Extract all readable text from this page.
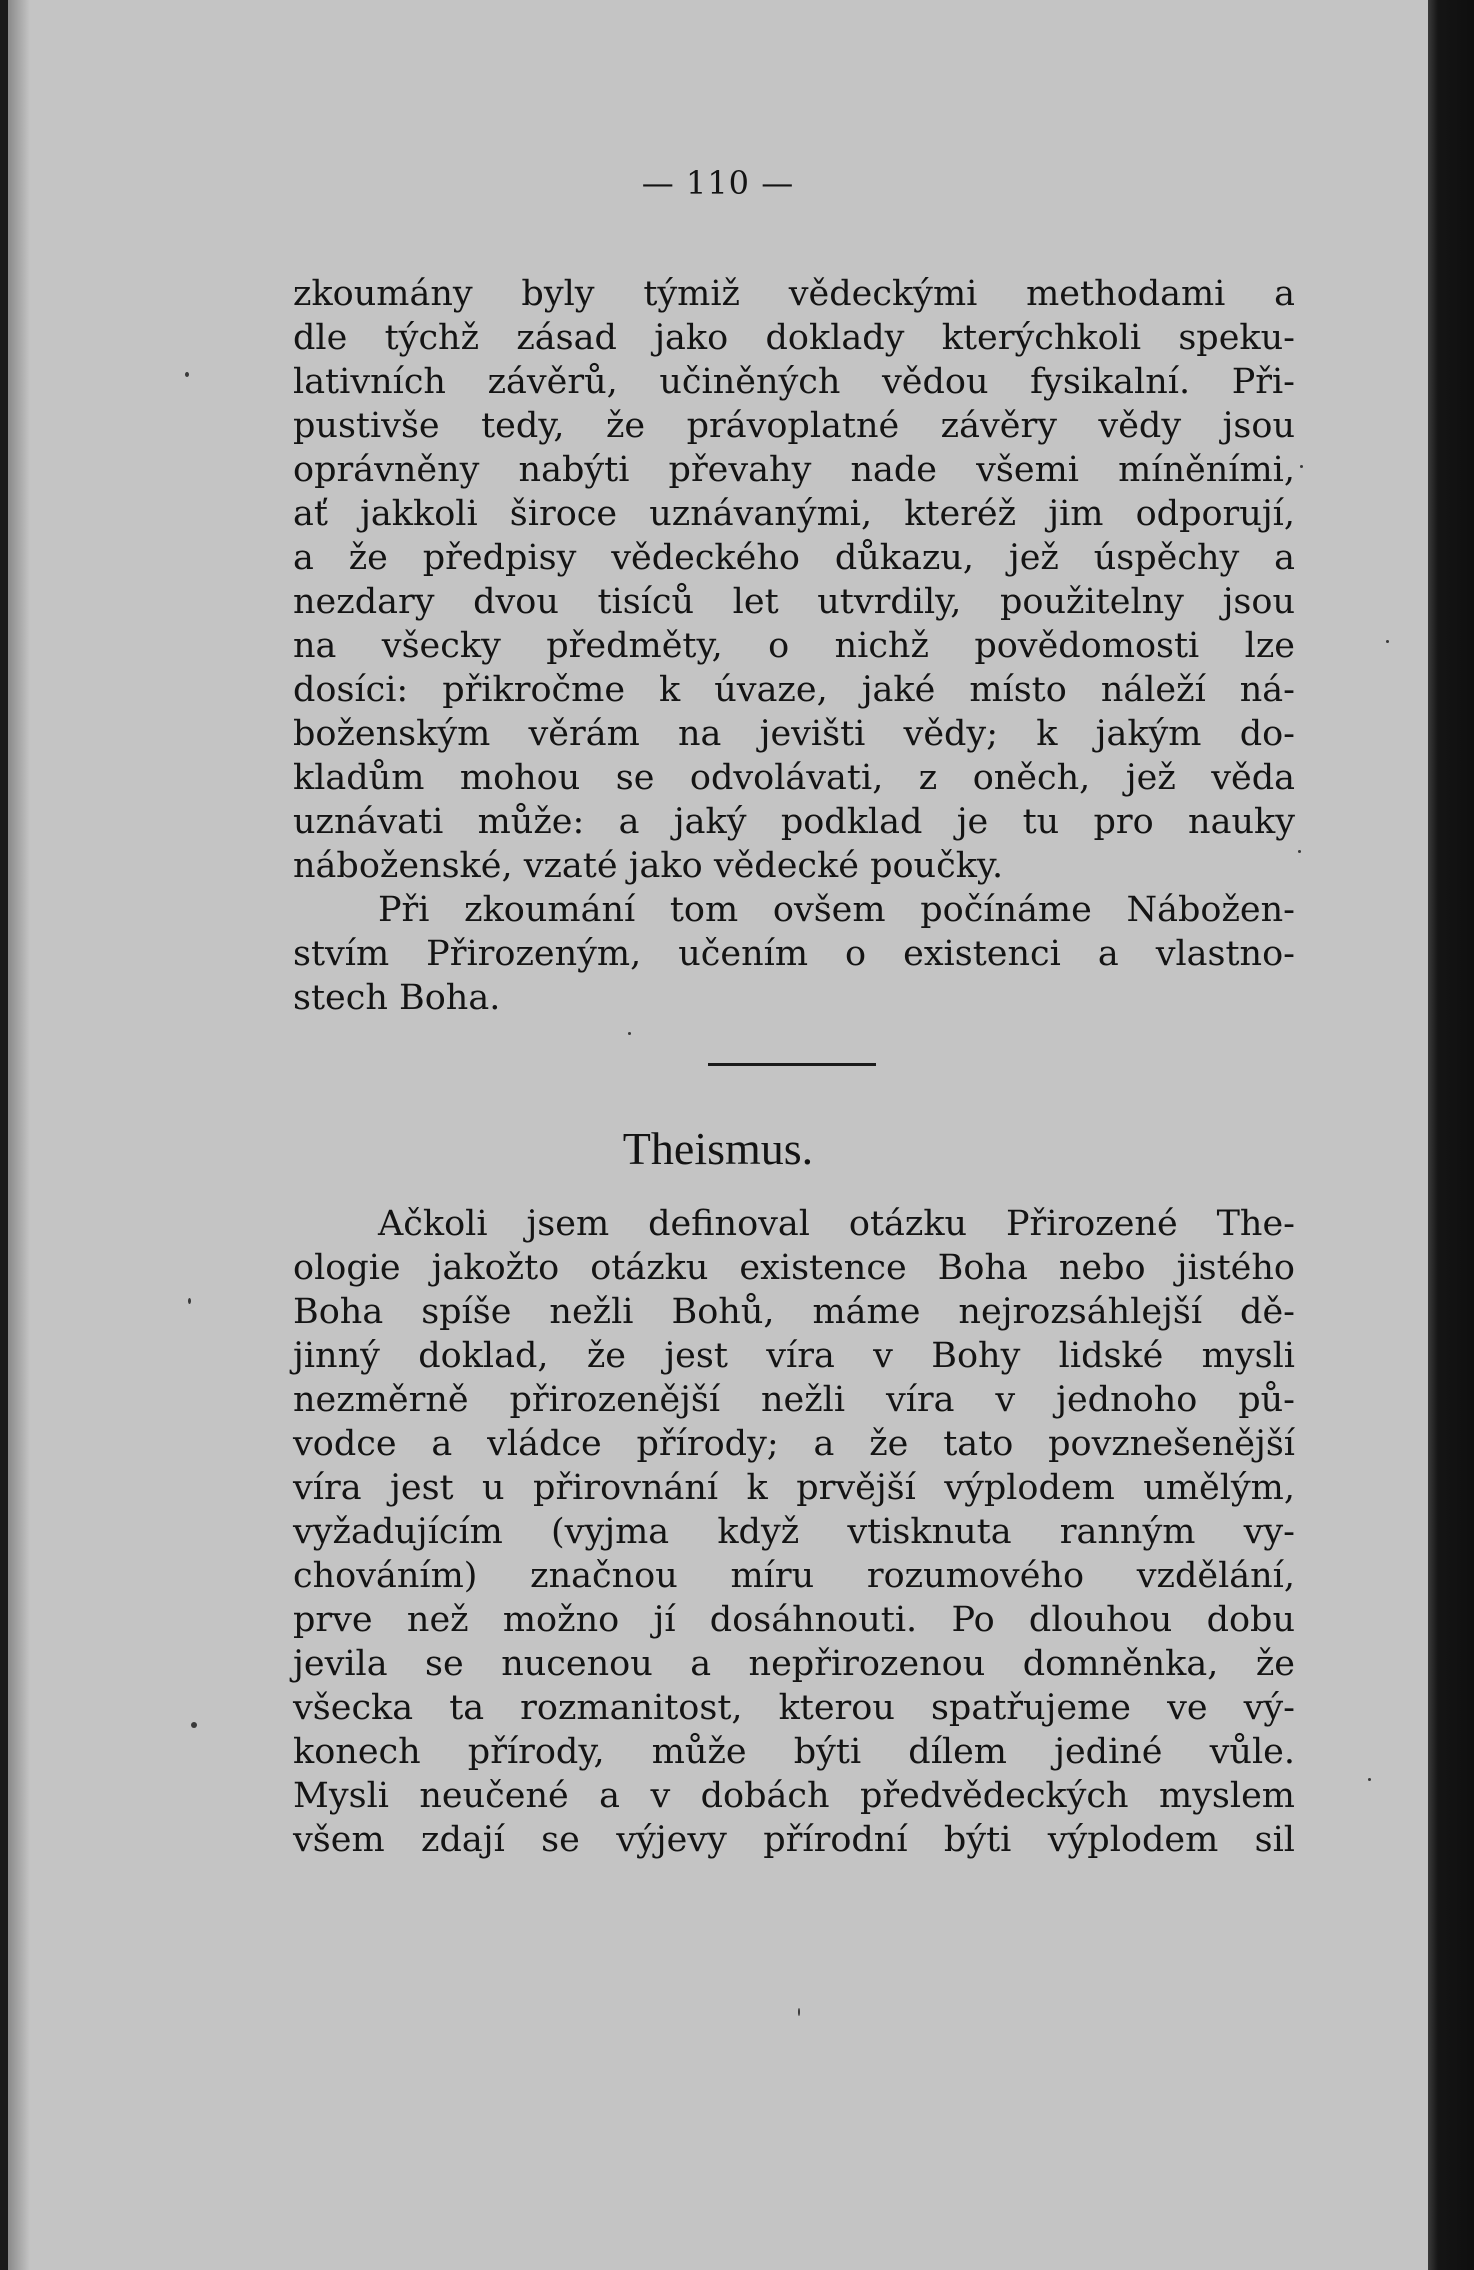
— 110 —
zkoumány byly týmiž vědeckými methodami a
dle týchž zásad jako doklady kterýchkoli speku-
lativních závěrů, učiněných vědou fysikalní. Při-
pustivše tedy, že právoplatné závěry vědy jsou
oprávněny nabýti převahy nade všemi míněními,
ať jakkoli široce uznávanými, kteréž jim odporují,
a že předpisy vědeckého důkazu, jež úspěchy a
nezdary dvou tisíců let utvrdily, použitelny jsou
na všecky předměty, o nichž povědomosti lze
dosíci: přikročme k úvaze, jaké místo náleží ná-
boženským věrám na jevišti vědy; k jakým do-
kladům mohou se odvolávati, z oněch, jež věda
uznávati může: a jaký podklad je tu pro nauky
náboženské, vzaté jako vědecké poučky.
Při zkoumání tom ovšem počínáme Nábožen-
stvím Přirozeným, učením o existenci a vlastno-
stech Boha.
Theismus.
Ačkoli jsem definoval otázku Přirozené The-
ologie jakožto otázku existence Boha nebo jistého
Boha spíše nežli Bohů, máme nejrozsáhlejší dě-
jinný doklad, že jest víra v Bohy lidské mysli
nezměrně přirozenější nežli víra v jednoho pů-
vodce a vládce přírody; a že tato povznešenější
víra jest u přirovnání k prvější výplodem umělým,
vyžadujícím (vyjma když vtisknuta ranným vy-
chováním) značnou míru rozumového vzdělání,
prve než možno jí dosáhnouti. Po dlouhou dobu
jevila se nucenou a nepřirozenou domněnka, že
všecka ta rozmanitost, kterou spatřujeme ve vý-
konech přírody, může býti dílem jediné vůle.
Mysli neučené a v dobách předvědeckých myslem
všem zdají se výjevy přírodní býti výplodem sil
